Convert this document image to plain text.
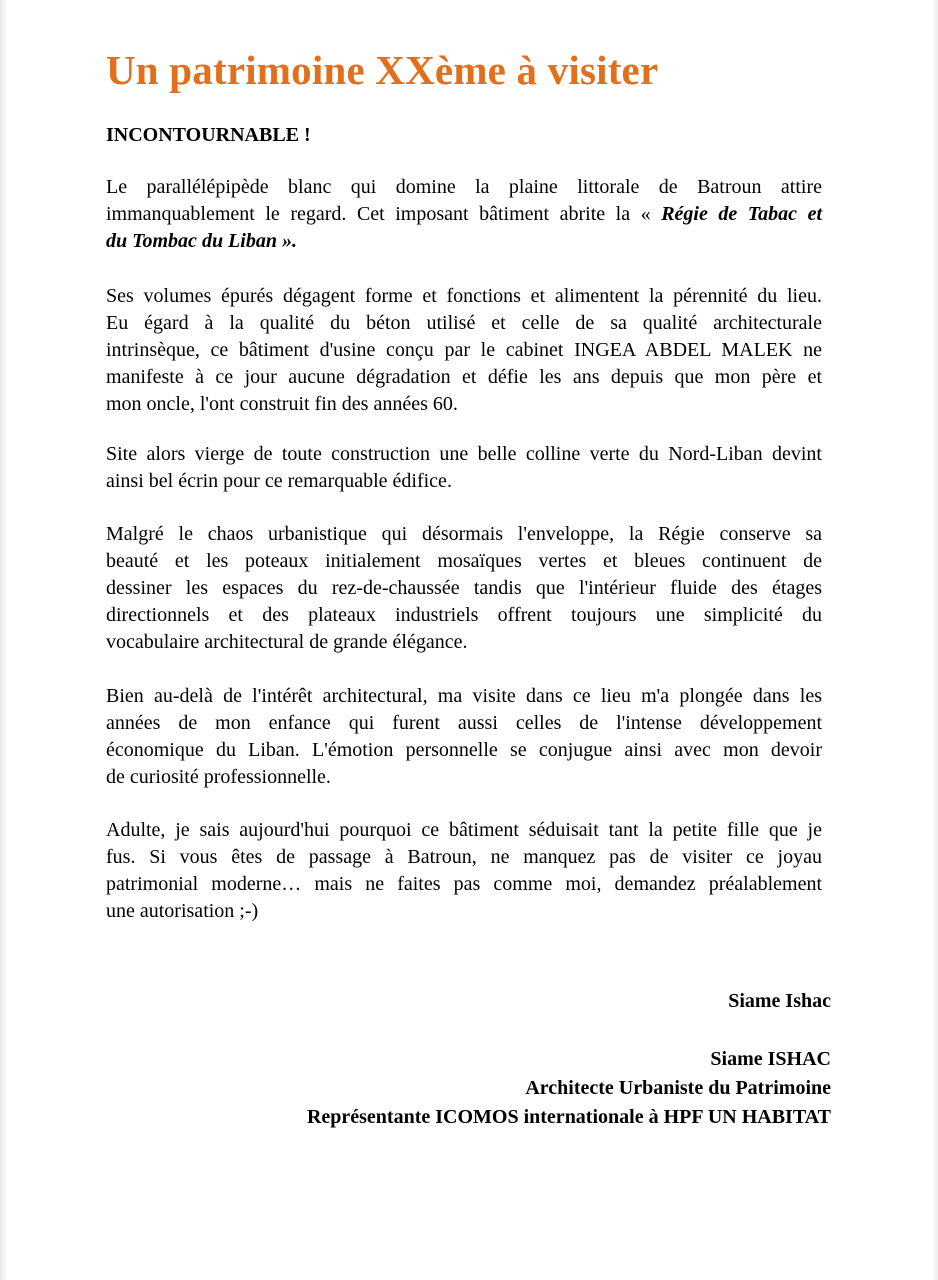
Un patrimoine XXème à visiter

INCONTOURNABLE !

Le parallélépipède blanc qui domine la plaine littorale de Batroun attire
immanquablement le regard. Cet imposant bâtiment abrite la « Régie de Tabac et
du Tombac du Liban ».

Ses volumes épurés dégagent forme et fonctions et alimentent la pérennité du lieu.
Eu égard à la qualité du béton utilisé et celle de sa qualité architecturale
intrinsèque, ce bâtiment d'usine conçu par le cabinet INGEA ABDEL MALEK ne
manifeste à ce jour aucune dégradation et défie les ans depuis que mon père et
mon oncle, l'ont construit fin des années 60.

Site alors vierge de toute construction une belle colline verte du Nord-Liban devint
ainsi bel écrin pour ce remarquable édifice.

Malgré le chaos urbanistique qui désormais l'enveloppe, la Régie conserve sa
beauté et les poteaux initialement mosaïques vertes et bleues continuent de
dessiner les espaces du rez-de-chaussée tandis que l'intérieur fluide des étages
directionnels et des plateaux industriels offrent toujours une simplicité du
vocabulaire architectural de grande élégance.

Bien au-delà de l'intérêt architectural, ma visite dans ce lieu m'a plongée dans les
années de mon enfance qui furent aussi celles de l'intense développement
économique du Liban. L'émotion personnelle se conjugue ainsi avec mon devoir
de curiosité professionnelle.

Adulte, je sais aujourd'hui pourquoi ce bâtiment séduisait tant la petite fille que je
fus. Si vous êtes de passage à Batroun, ne manquez pas de visiter ce joyau
patrimonial moderne… mais ne faites pas comme moi, demandez préalablement
une autorisation ;-)

Siame Ishac

Siame ISHAC

Architecte Urbaniste du Patrimoine

Représentante ICOMOS internationale à HPF UN HABITAT
